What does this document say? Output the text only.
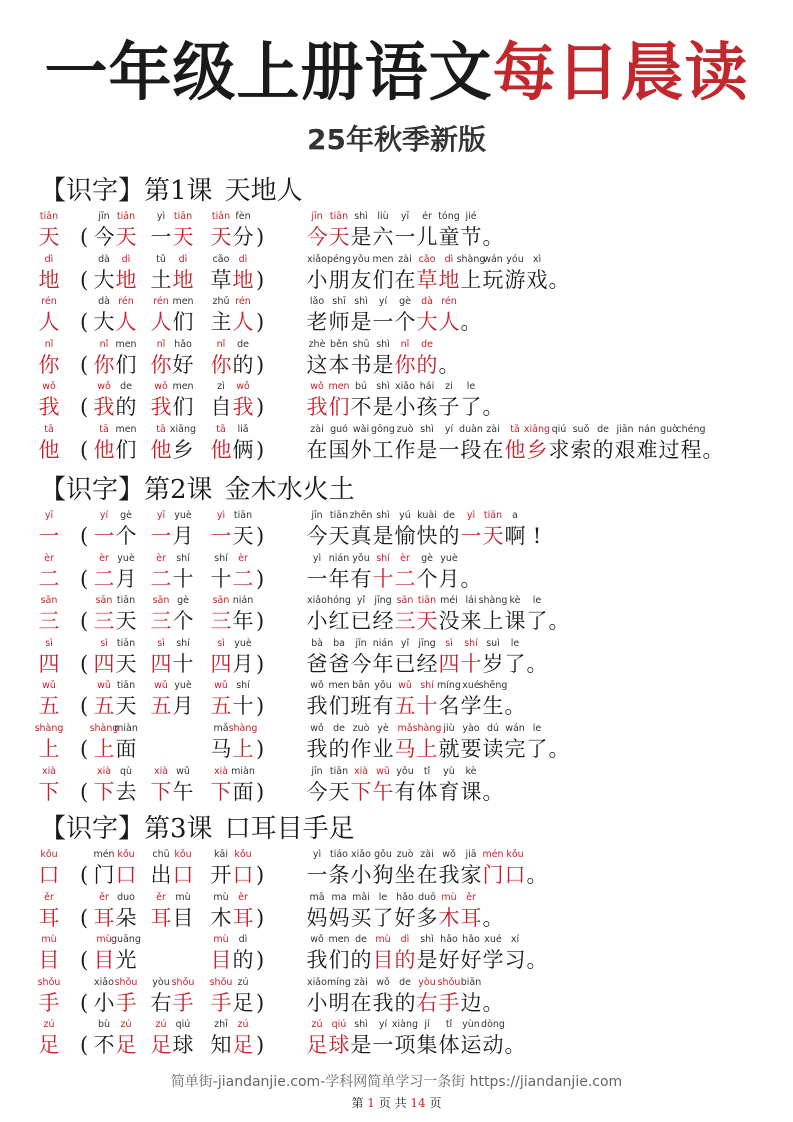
一年级上册语文每日晨读
25年秋季新版
【识字】第1课 天地人
tiān
天 (
jīn tiān
今天
yì tiān
一天
tiān fèn
天分 )
jīn tiān shì liù yī ér tóng jié
今天是六一儿童节。
dì
地 (
dà dì
大地
tǔ dì
土地
cǎo dì
草地 )
xiǎo péng yǒu men zài cǎo dì shàng wán yóu xì
小朋友们在草地上玩游戏。
rén
人 (
dà rén
大人
rén men
人们
zhǔ rén
主人 )
lǎo shī shì yí gè dà rén
老师是一个大人。
nǐ
你 (
nǐ men
你们
nǐ hǎo
你好
nǐ de
你的 )
zhè běn shū shì nǐ de
这本书是你的。
wǒ
我 (
wǒ de
我的
wǒ men
我们
zì wǒ
自我 )
wǒ men bú shì xiǎo hái zi le
我们不是小孩子了。
tā
他 (
tā men
他们
tā xiāng
他乡
tā liǎ
他俩 )
zài guó wài gōng zuò shì yí duàn zài tā xiāng qiú suǒ de jiān nán guò chéng
在国外工作是一段在他乡求索的艰难过程。
【识字】第2课 金木水火土
yī
一 (
yí gè
一个
yī yuè
一月
yì tiān
一天 )
jīn tiān zhēn shì yú kuài de yì tiān a
今天真是愉快的一天啊 !
èr
二 (
èr yuè
二月
èr shí
二十
shí èr
十二 )
yì nián yǒu shí èr gè yuè
一年有十二个月。
sān
三 (
sān tiān
三天
sān gè
三个
sān nián
三年 )
xiǎo hóng yǐ jīng sān tiān méi lái shàng kè le
小红已经三天没来上课了。
sì
四 (
sì tiān
四天
sì shí
四十
sì yuè
四月 )
bà ba jīn nián yǐ jīng sì shí suì le
爸爸今年已经四十岁了。
wǔ
五 (
wǔ tiān
五天
wǔ yuè
五月
wǔ shí
五十 )
wǒ men bān yǒu wǔ shí míng xué shēng
我们班有五十名学生。
shàng
上 (
shàng miàn
上面
mǎ shàng
马上 )
wǒ de zuò yè mǎ shàng jiù yào dú wán le
我的作业马上就要读完了。
xià
下 (
xià qù
下去
xià wǔ
下午
xià miàn
下面 )
jīn tiān xià wǔ yǒu tǐ yù kè
今天下午有体育课。
【识字】第3课 口耳目手足
kǒu
口 (
mén kǒu
门口
chū kǒu
出口
kāi kǒu
开口 )
yì tiáo xiǎo gǒu zuò zài wǒ jiā mén kǒu
一条小狗坐在我家门口。
ěr
耳 (
ěr duo
耳朵
ěr mù
耳目
mù ěr
木耳 )
mā ma mǎi le hǎo duō mù ěr
妈妈买了好多木耳。
mù
目 (
mù guāng
目光
mù dì
目的 )
wǒ men de mù dì shì hǎo hǎo xué xí
我们的目的是好好学习。
shǒu
手 (
xiǎo shǒu
小手
yòu shǒu
右手
shǒu zú
手足 )
xiǎo míng zài wǒ de yòu shǒu biān
小明在我的右手边。
zú
足 (
bù zú
不足
zú qiú
足球
zhī zú
知足 )
zú qiú shì yí xiàng jí tǐ yùn dòng
足球是一项集体运动。
简单街-jiandanjie.com-学科网简单学习一条街 https://jiandanjie.com
第 1 页 共 14 页
